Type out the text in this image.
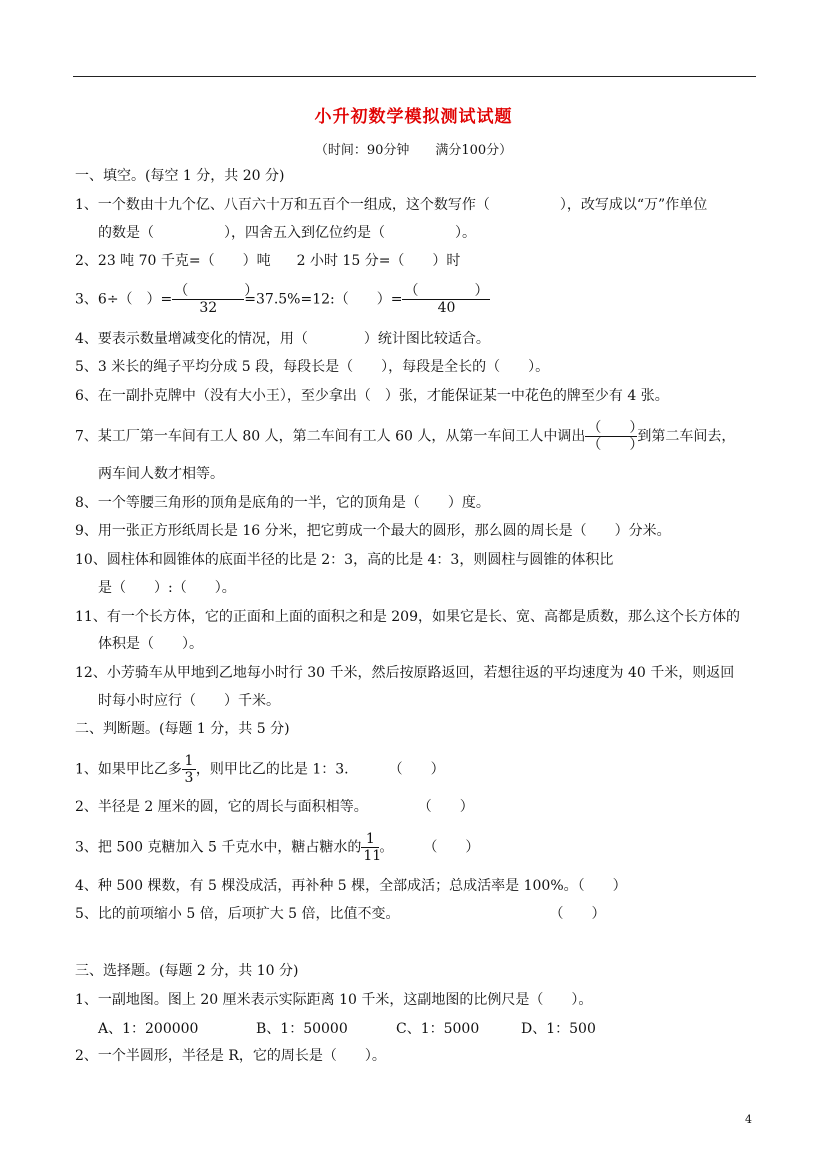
小升初数学模拟测试试题
（时间：90分钟　　满分100分）
一、填空。(每空 1 分，共 20 分)
1、一个数由十九个亿、八百六十万和五百个一组成，这个数写作（　　　　　），改写成以“万”作单位
的数是（　　　　　），四舍五入到亿位约是（　　　　　）。
2、23 吨 70 千克=（　　）吨 2 小时 15 分=（　　）时
3、6÷（　）= $\frac{( )}{32}$ =37.5%=12:（　　）= $\frac{( )}{40}$
4、要表示数量增减变化的情况，用（　　　　）统计图比较适合。
5、3 米长的绳子平均分成 5 段，每段长是（　　），每段是全长的（　　）。
6、在一副扑克牌中（没有大小王），至少拿出（　）张，才能保证某一中花色的牌至少有 4 张。
7、某工厂第一车间有工人 80 人，第二车间有工人 60 人，从第一车间工人中调出 $\frac{( )}{( )}$ 到第二车间去，
两车间人数才相等。
8、一个等腰三角形的顶角是底角的一半，它的顶角是（　　）度。
9、用一张正方形纸周长是 16 分米，把它剪成一个最大的圆形，那么圆的周长是（　　）分米。
10、圆柱体和圆锥体的底面半径的比是 2：3，高的比是 4：3，则圆柱与圆锥的体积比
是（　　）:（　　）。
11、有一个长方体，它的正面和上面的面积之和是 209，如果它是长、宽、高都是质数，那么这个长方体的
体积是（　　）。
12、小芳骑车从甲地到乙地每小时行 30 千米，然后按原路返回，若想往返的平均速度为 40 千米，则返回
时每小时应行（　　）千米。
二、判断题。(每题 1 分，共 5 分)
1、如果甲比乙多 $\frac{1}{3}$ ，则甲比乙的比是 1：3.	（　　）
2、半径是 2 厘米的圆，它的周长与面积相等。	（　　）
3、把 500 克糖加入 5 千克水中，糖占糖水的 $\frac{1}{11}$ 。 （　　）
4、种 500 棵数，有 5 棵没成活，再补种 5 棵，全部成活；总成活率是 100%。（　　）
5、比的前项缩小 5 倍，后项扩大 5 倍，比值不变。	（　　）
三、选择题。(每题 2 分，共 10 分)
1、一副地图。图上 20 厘米表示实际距离 10 千米，这副地图的比例尺是（　　）。
A、1：200000	B、1：50000	C、1：5000	D、1：500
2、一个半圆形，半径是 R，它的周长是（　　）。
4
